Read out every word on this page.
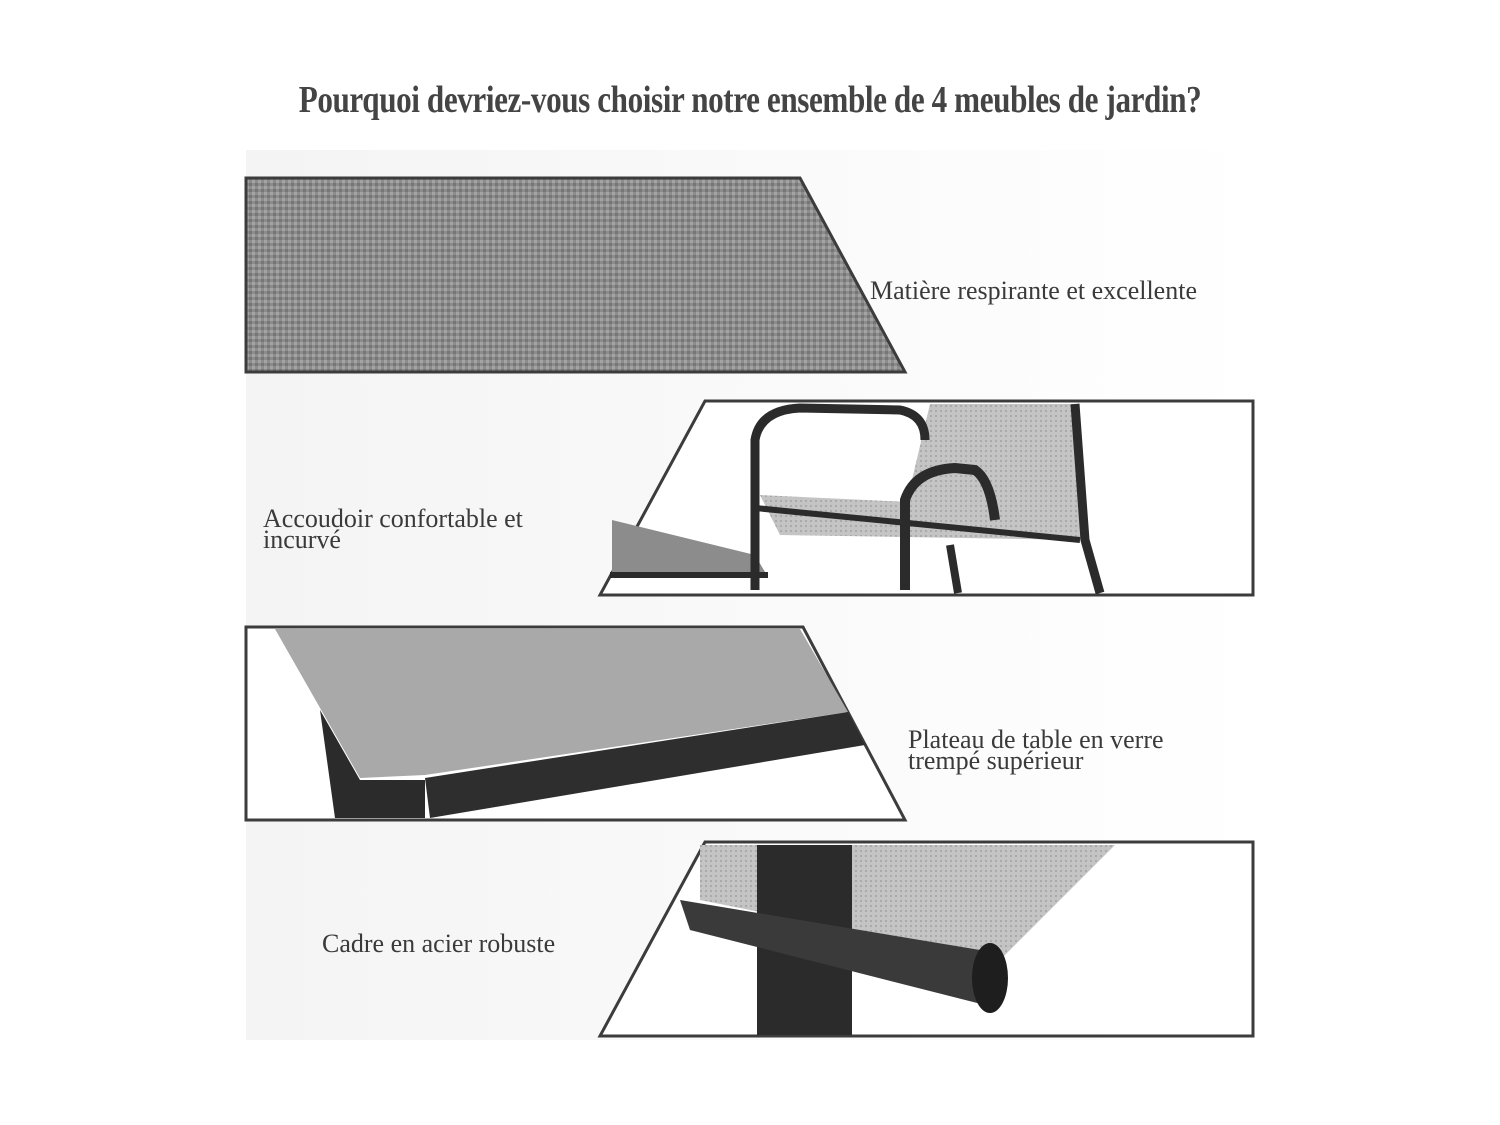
Pourquoi devriez-vous choisir notre ensemble de 4 meubles de jardin?
Matière respirante et excellente
Accoudoir confortable et incurvé
Plateau de table en verre trempé supérieur
Cadre en acier robuste
